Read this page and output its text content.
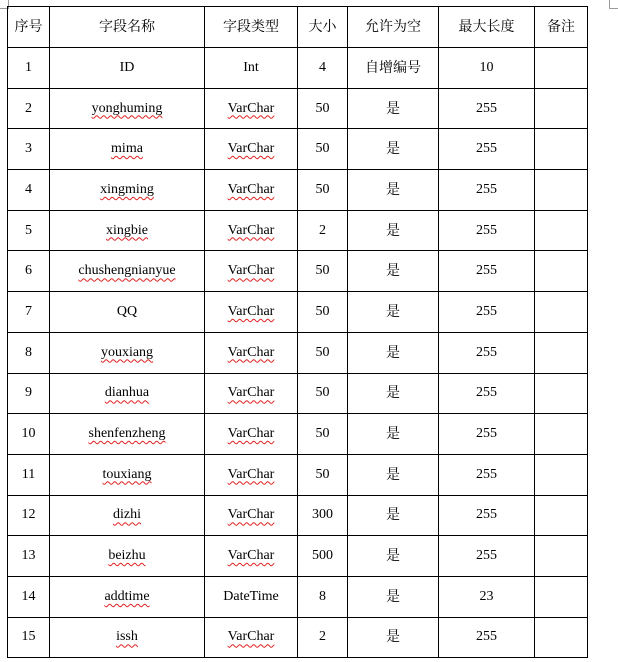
序号	字段名称	字段类型	大小	允许为空	最大长度	备注
1	ID	Int	4	自增编号	10	
2	yonghuming	VarChar	50	是	255	
3	mima	VarChar	50	是	255	
4	xingming	VarChar	50	是	255	
5	xingbie	VarChar	2	是	255	
6	chushengnianyue	VarChar	50	是	255	
7	QQ	VarChar	50	是	255	
8	youxiang	VarChar	50	是	255	
9	dianhua	VarChar	50	是	255	
10	shenfenzheng	VarChar	50	是	255	
11	touxiang	VarChar	50	是	255	
12	dizhi	VarChar	300	是	255	
13	beizhu	VarChar	500	是	255	
14	addtime	DateTime	8	是	23	
15	issh	VarChar	2	是	255	
